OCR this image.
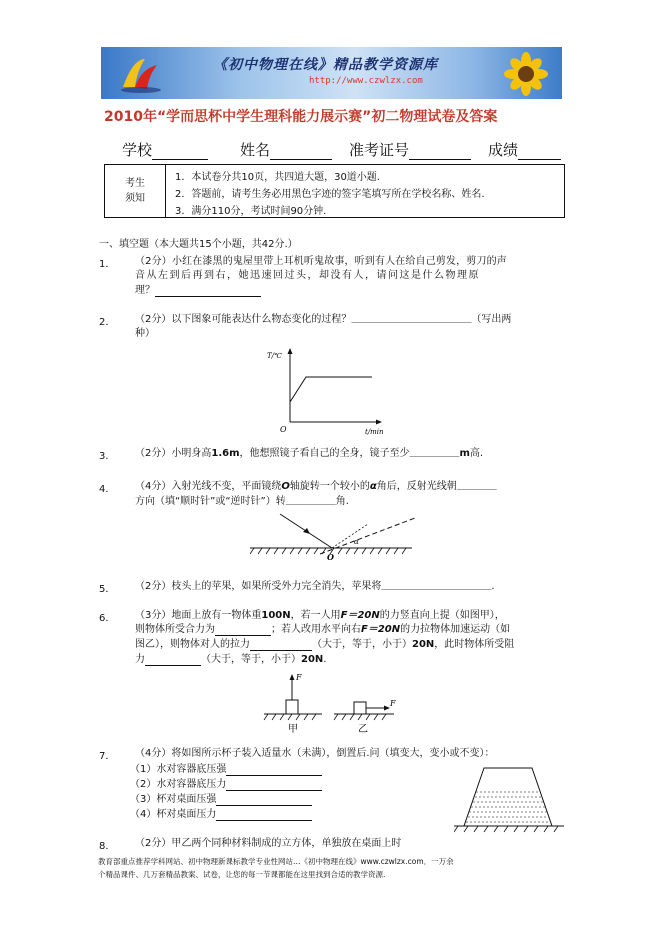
《初中物理在线》精品教学资源库
http://www.czwlzx.com
2010年“学而思杯中学生理科能力展示赛”初二物理试卷及答案
学校	姓名	准考证号	成绩
考生
须知
1．本试卷分共10页，共四道大题，30道小题.
2．答题前，请考生务必用黑色字迹的签字笔填写所在学校名称、姓名.
3．满分110分，考试时间90分钟.
一、填空题（本大题共15个小题，共42分.）
1． （2分）小红在漆黑的鬼屋里带上耳机听鬼故事，听到有人在给自己剪发，剪刀的声
音从左到后再到右，她迅速回过头，却没有人，请问这是什么物理原
理？
2． （2分）以下图象可能表达什么物态变化的过程？＿＿＿＿＿＿＿＿＿＿＿＿（写出两
种）
T/℃
O	t/min
3． （2分）小明身高1.6m，他想照镜子看自己的全身，镜子至少＿＿＿＿＿m高.
4． （4分）入射光线不变，平面镜绕O轴旋转一个较小的α角后，反射光线朝＿＿＿＿
方向（填“顺时针”或“逆时针”）转＿＿＿＿＿角.
O
α
5． （2分）枝头上的苹果，如果所受外力完全消失，苹果将＿＿＿＿＿＿＿＿＿＿＿.
6． （3分）地面上放有一物体重100N，若一人用F＝20N的力竖直向上提（如图甲），
则物体所受合力为	；若人改用水平向右F＝20N的力拉物体加速运动（如
图乙），则物体对人的拉力	（大于，等于，小于）20N，此时物体所受阻
力	（大于，等于，小于）20N.
F
甲
F
乙
7． （4分）将如图所示杯子装入适量水（未满），倒置后.问（填变大，变小或不变）：
（1）水对容器底压强
（2）水对容器底压力
（3）杯对桌面压强
（4）杯对桌面压力
8． （2分）甲乙两个同种材料制成的立方体，单独放在桌面上时
教育部重点推荐学科网站、初中物理新课标教学专业性网站…《初中物理在线》www.czwlzx.com．一万余
个精品课件、几万套精品教案、试卷，让您的每一节课都能在这里找到合适的教学资源.
